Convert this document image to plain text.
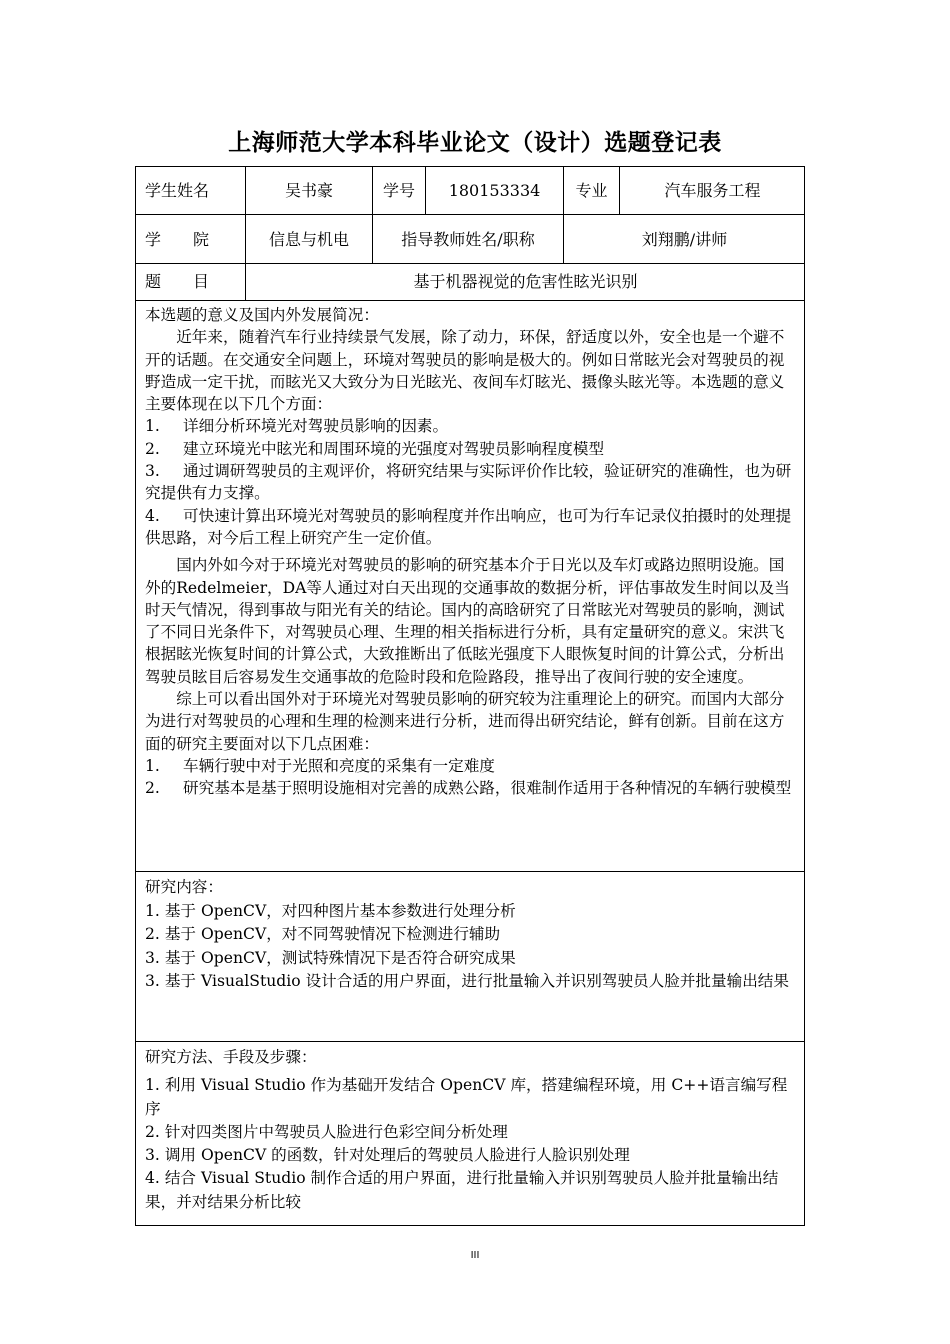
上海师范大学本科毕业论文（设计）选题登记表
学生姓名	吴书豪	学号	180153334	专业	汽车服务工程
学　　院	信息与机电	指导教师姓名/职称	刘翔鹏/讲师
题　　目	基于机器视觉的危害性眩光识别

本选题的意义及国内外发展简况：

近年来，随着汽车行业持续景气发展，除了动力，环保，舒适度以外，安全也是一个避不开的话题。在交通安全问题上，环境对驾驶员的影响是极大的。例如日常眩光会对驾驶员的视野造成一定干扰，而眩光又大致分为日光眩光、夜间车灯眩光、摄像头眩光等。本选题的意义主要体现在以下几个方面：

1. 详细分析环境光对驾驶员影响的因素。

2. 建立环境光中眩光和周围环境的光强度对驾驶员影响程度模型

3. 通过调研驾驶员的主观评价，将研究结果与实际评价作比较，验证研究的准确性，也为研究提供有力支撑。

4. 可快速计算出环境光对驾驶员的影响程度并作出响应，也可为行车记录仪拍摄时的处理提供思路，对今后工程上研究产生一定价值。

国内外如今对于环境光对驾驶员的影响的研究基本介于日光以及车灯或路边照明设施。国外的Redelmeier，DA等人通过对白天出现的交通事故的数据分析，评估事故发生时间以及当时天气情况，得到事故与阳光有关的结论。国内的高晗研究了日常眩光对驾驶员的影响，测试了不同日光条件下，对驾驶员心理、生理的相关指标进行分析，具有定量研究的意义。宋洪飞根据眩光恢复时间的计算公式，大致推断出了低眩光强度下人眼恢复时间的计算公式，分析出驾驶员眩目后容易发生交通事故的危险时段和危险路段，推导出了夜间行驶的安全速度。

综上可以看出国外对于环境光对驾驶员影响的研究较为注重理论上的研究。而国内大部分为进行对驾驶员的心理和生理的检测来进行分析，进而得出研究结论，鲜有创新。目前在这方面的研究主要面对以下几点困难：

1. 车辆行驶中对于光照和亮度的采集有一定难度

2. 研究基本是基于照明设施相对完善的成熟公路，很难制作适用于各种情况的车辆行驶模型

研究内容：

1. 基于 OpenCV，对四种图片基本参数进行处理分析

2. 基于 OpenCV，对不同驾驶情况下检测进行辅助

3. 基于 OpenCV，测试特殊情况下是否符合研究成果

3. 基于 VisualStudio 设计合适的用户界面，进行批量输入并识别驾驶员人脸并批量输出结果

研究方法、手段及步骤：

1. 利用 Visual Studio 作为基础开发结合 OpenCV 库，搭建编程环境，用 C++语言编写程序

2. 针对四类图片中驾驶员人脸进行色彩空间分析处理

3. 调用 OpenCV 的函数，针对处理后的驾驶员人脸进行人脸识别处理

4. 结合 Visual Studio 制作合适的用户界面，进行批量输入并识别驾驶员人脸并批量输出结果，并对结果分析比较

III
